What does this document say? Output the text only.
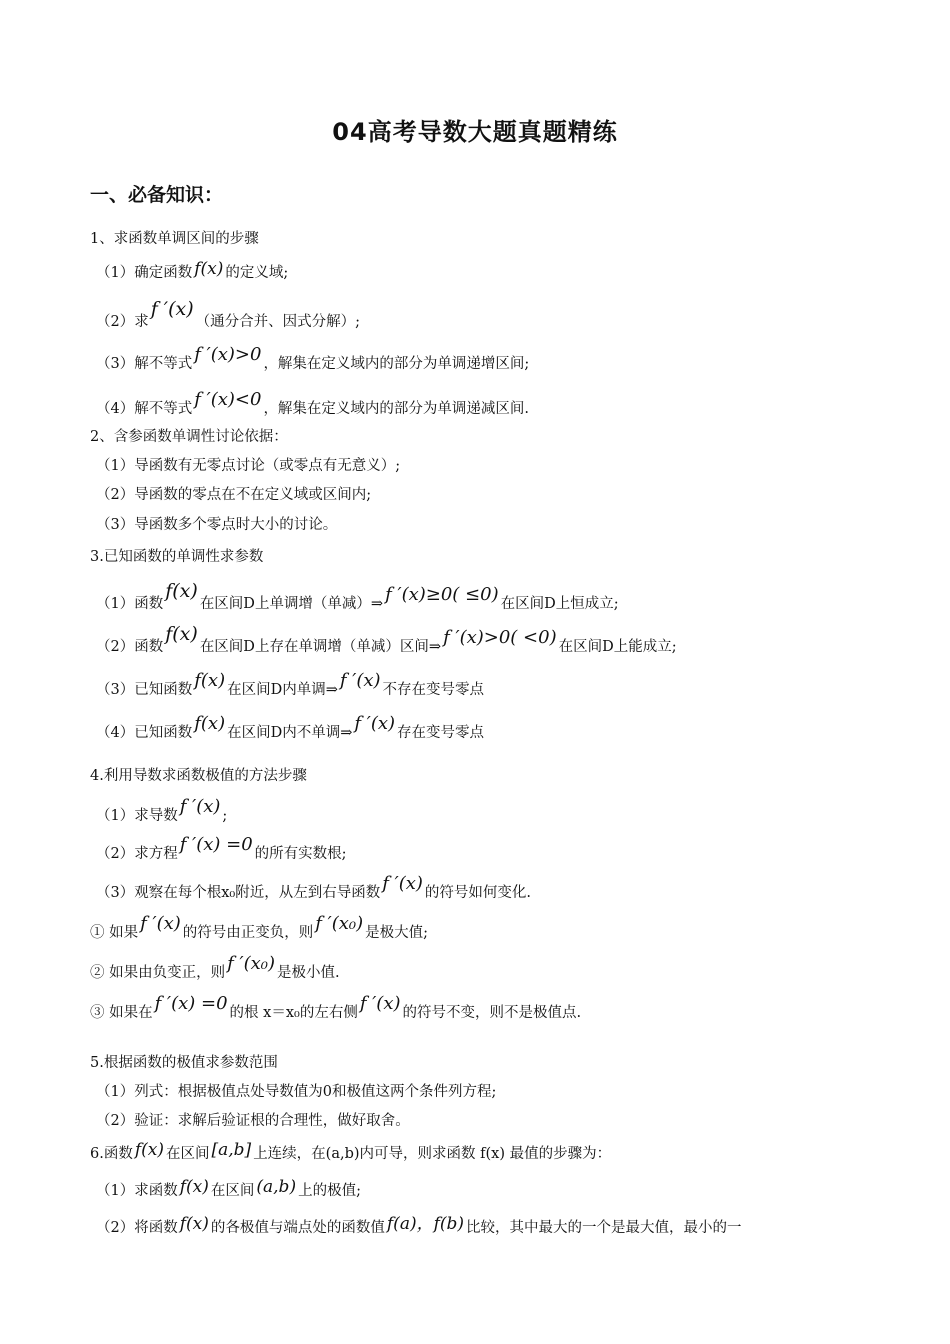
04高考导数大题真题精练
一、必备知识：
1、求函数单调区间的步骤
（1）确定函数 f(x) 的定义域;
（2）求f ′(x)（通分合并、因式分解）;
（3）解不等式 f ′(x)>0 ，解集在定义域内的部分为单调递增区间;
（4）解不等式 f ′(x)<0 ，解集在定义域内的部分为单调递减区间.
2、含参函数单调性讨论依据：
（1）导函数有无零点讨论（或零点有无意义）;
（2）导函数的零点在不在定义域或区间内;
（3）导函数多个零点时大小的讨论。
3.已知函数的单调性求参数
（1）函数f(x)在区间D上单调增（单减）⇒ f ′(x)≥0( ≤0) 在区间D上恒成立;
（2）函数f(x)在区间D上存在单调增（单减）区间⇒ f ′(x)>0( <0) 在区间D上能成立;
（3）已知函数 f(x) 在区间D内单调⇒ f ′(x) 不存在变号零点
（4）已知函数 f(x) 在区间D内不单调⇒ f ′(x) 存在变号零点
4.利用导数求函数极值的方法步骤
（1）求导数 f ′(x) ;
（2）求方程 f ′(x) =0 的所有实数根;
（3）观察在每个根x₀附近，从左到右导函数 f ′(x) 的符号如何变化.
① 如果 f ′(x) 的符号由正变负，则 f ′(x₀) 是极大值;
② 如果由负变正，则 f ′(x₀) 是极小值.
③ 如果在 f ′(x) =0 的根 x＝x₀的左右侧 f ′(x) 的符号不变，则不是极值点.
5.根据函数的极值求参数范围
（1）列式：根据极值点处导数值为0和极值这两个条件列方程;
（2）验证：求解后验证根的合理性，做好取舍。
6.函数 f(x) 在区间 [a,b] 上连续，在(a,b)内可导，则求函数 f(x) 最值的步骤为：
（1）求函数 f(x) 在区间 (a,b) 上的极值;
（2）将函数 f(x) 的各极值与端点处的函数值 f(a)，f(b) 比较，其中最大的一个是最大值，最小的一
